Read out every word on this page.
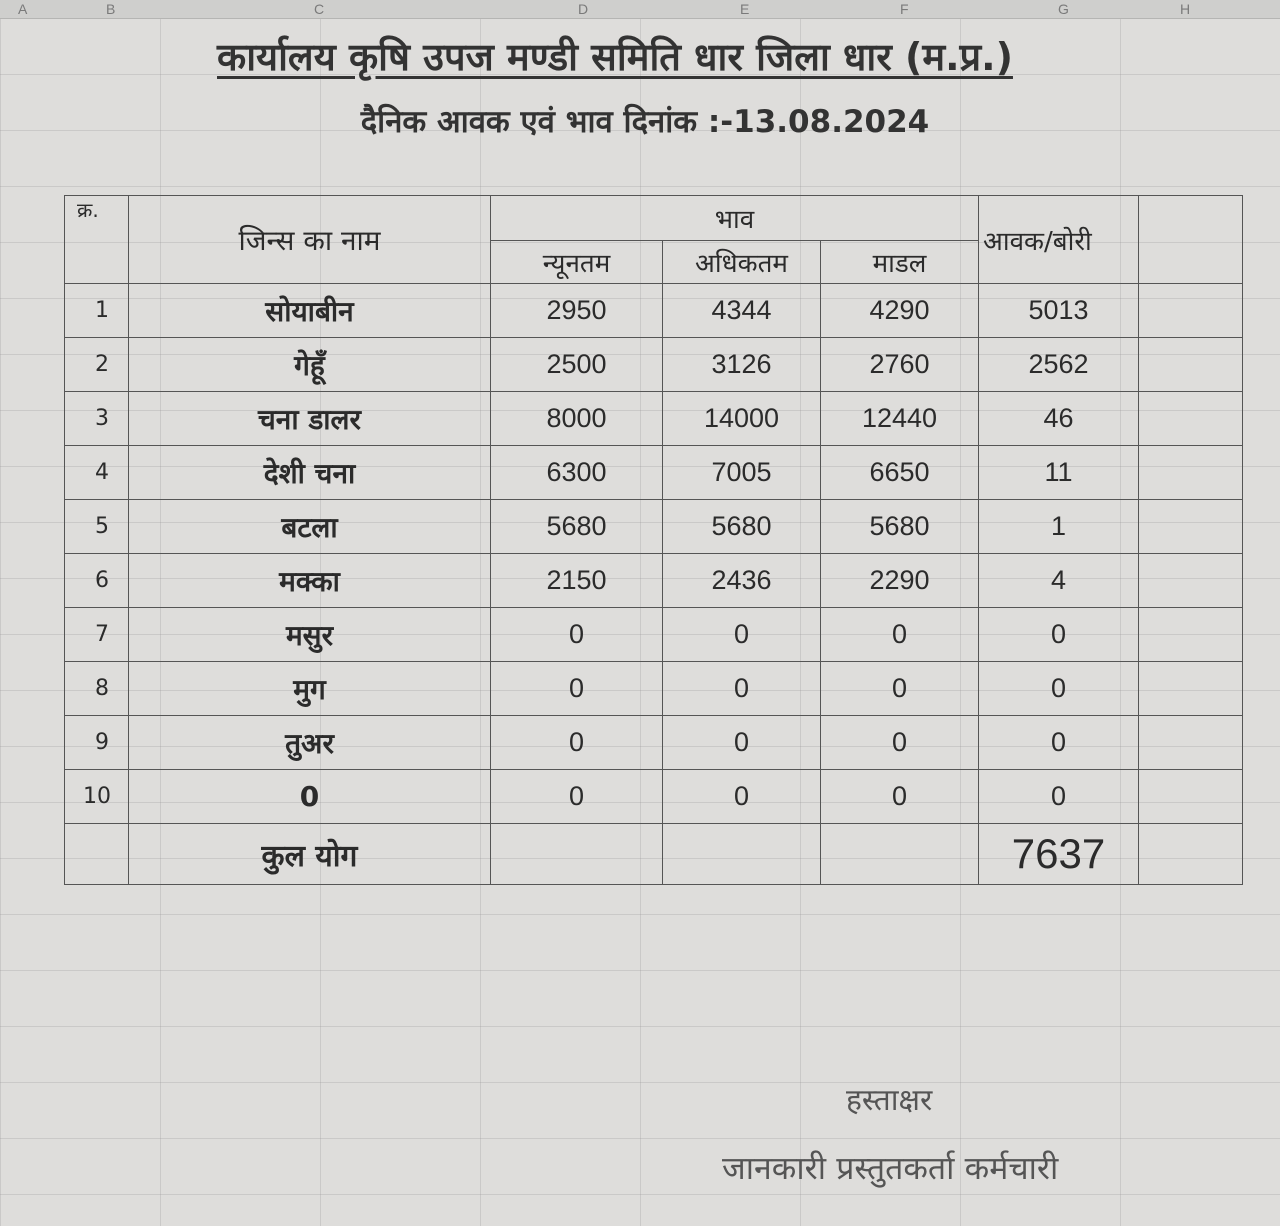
A	B	C	D	E	F	G	H
कार्यालय कृषि उपज मण्डी समिति धार जिला धार (म.प्र.)
दैनिक आवक एवं भाव दिनांक :-13.08.2024
क्र.	जिन्स का नाम	भाव			आवक/बोरी	
		न्यूनतम	अधिकतम	माडल		
1	सोयाबीन	2950	4344	4290	5013	
2	गेहूँ	2500	3126	2760	2562	
3	चना डालर	8000	14000	12440	46	
4	देशी चना	6300	7005	6650	11	
5	बटला	5680	5680	5680	1	
6	मक्का	2150	2436	2290	4	
7	मसुर	0	0	0	0	
8	मुग	0	0	0	0	
9	तुअर	0	0	0	0	
10	0	0	0	0	0	
	कुल योग				7637	
हस्ताक्षर
जानकारी प्रस्तुतकर्ता कर्मचारी
